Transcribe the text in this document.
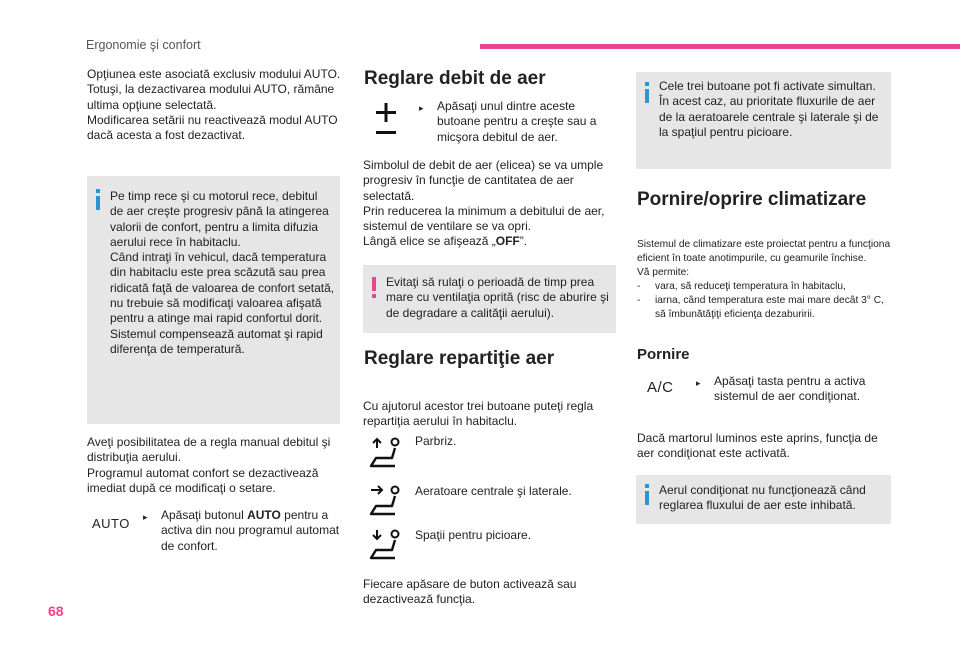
Ergonomie şi confort

Opţiunea este asociată exclusiv modului AUTO.

Totuşi, la dezactivarea modului AUTO, rămâne

ultima opţiune selectată.

Modificarea setării nu reactivează modul AUTO

dacă acesta a fost dezactivat.

Pe timp rece şi cu motorul rece, debitul
de aer creşte progresiv până la atingerea
valorii de confort, pentru a limita difuzia
aerului rece în habitaclu.
Când intraţi în vehicul, dacă temperatura
din habitaclu este prea scăzută sau prea
ridicată faţă de valoarea de confort setată,
nu trebuie să modificaţi valoarea afişată
pentru a atinge mai rapid confortul dorit.
Sistemul compensează automat şi rapid
diferenţa de temperatură.

Aveţi posibilitatea de a regla manual debitul şi

distribuţia aerului.

Programul automat confort se dezactivează

imediat după ce modificaţi o setare.

AUTO ▸ Apăsaţi butonul AUTO pentru a

activa din nou programul automat

de confort.

Reglare debit de aer
▸ Apăsaţi unul dintre aceste

butoane pentru a creşte sau a

micşora debitul de aer.

Simbolul de debit de aer (elicea) se va umple

progresiv în funcţie de cantitatea de aer

selectată.

Prin reducerea la minimum a debitului de aer,

sistemul de ventilare se va opri.

Lângă elice se afişează „OFF”.

Evitaţi să rulaţi o perioadă de timp prea
mare cu ventilaţia oprită (risc de aburire şi
de degradare a calităţii aerului).
Reglare repartiţie aer

Cu ajutorul acestor trei butoane puteţi regla

repartiţia aerului în habitaclu.

Parbriz.
Aeratoare centrale şi laterale.
Spaţii pentru picioare.

Fiecare apăsare de buton activează sau

dezactivează funcţia.

Cele trei butoane pot fi activate simultan.
În acest caz, au prioritate fluxurile de aer
de la aeratoarele centrale şi laterale şi de
la spaţiul pentru picioare.
Pornire/oprire climatizare

Sistemul de climatizare este proiectat pentru a funcţiona

eficient în toate anotimpurile, cu geamurile închise.

Vă permite:

- vara, să reduceţi temperatura în habitaclu,
- iarna, când temperatura este mai mare decât 3° C,
să îmbunătăţiţi eficienţa dezaburirii.
Pornire
A/C ▸ Apăsaţi tasta pentru a activa

sistemul de aer condiţionat.

Dacă martorul luminos este aprins, funcţia de

aer condiţionat este activată.

Aerul condiţionat nu funcţionează când
reglarea fluxului de aer este inhibată.
68
